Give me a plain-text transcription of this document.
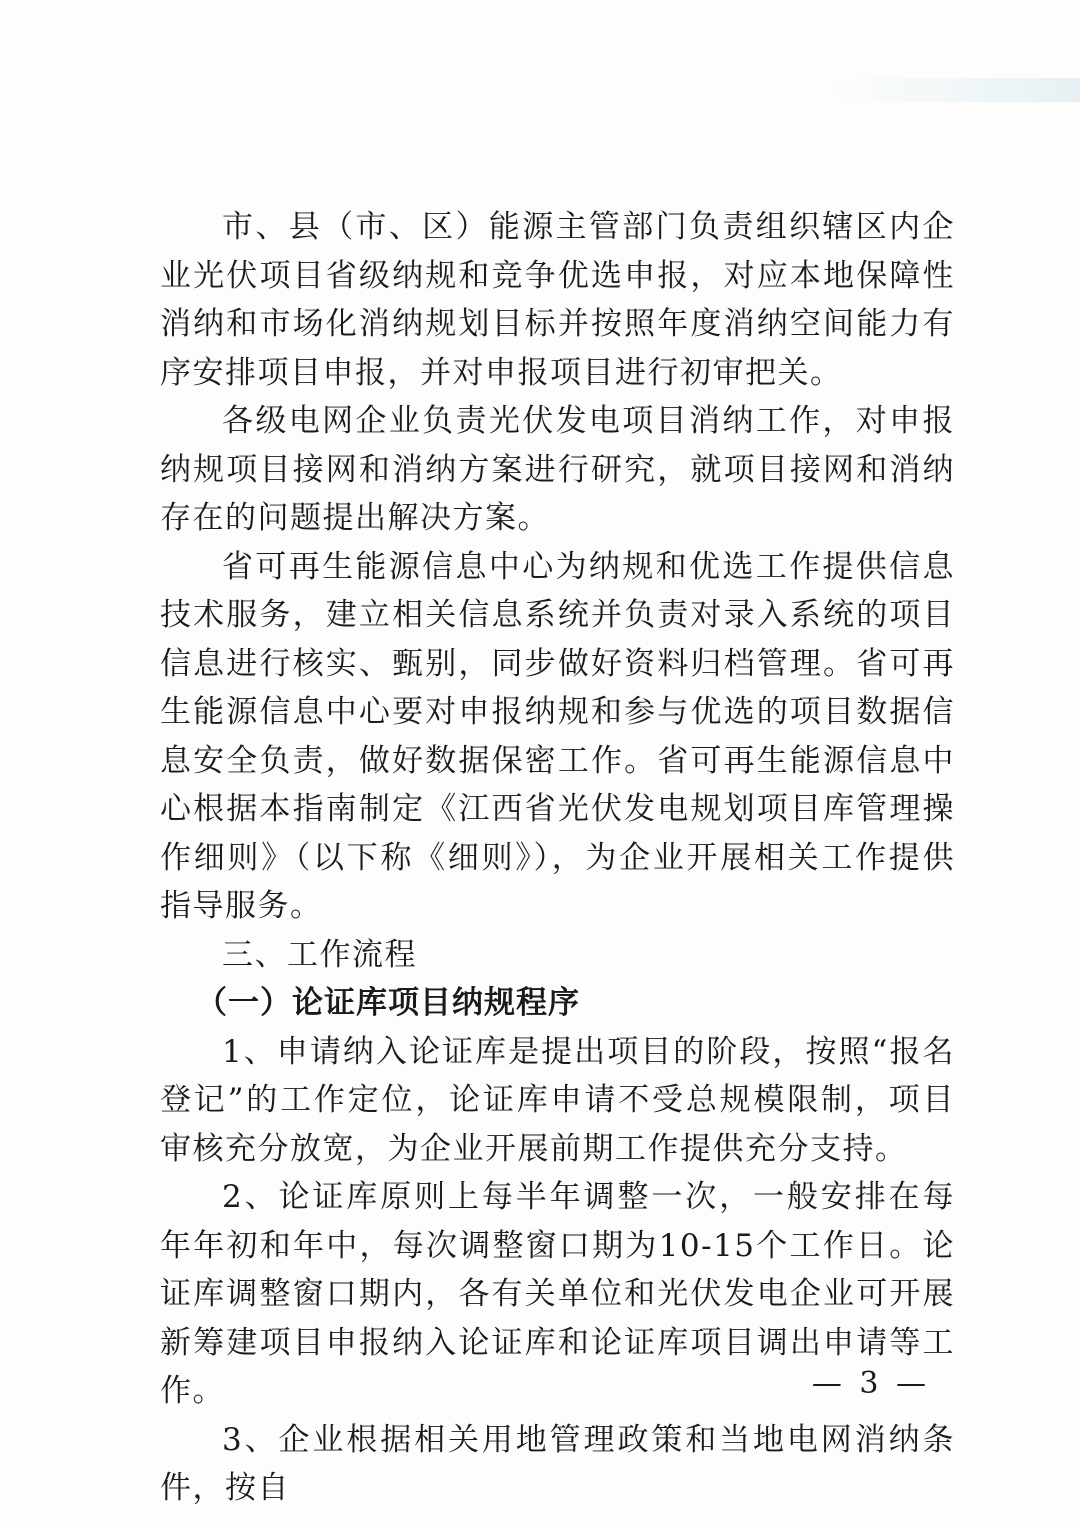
市、县（市、区）能源主管部门负责组织辖区内企业光伏项目省级纳规和竞争优选申报，对应本地保障性消纳和市场化消纳规划目标并按照年度消纳空间能力有序安排项目申报，并对申报项目进行初审把关。

各级电网企业负责光伏发电项目消纳工作，对申报纳规项目接网和消纳方案进行研究，就项目接网和消纳存在的问题提出解决方案。

省可再生能源信息中心为纳规和优选工作提供信息技术服务，建立相关信息系统并负责对录入系统的项目信息进行核实、甄别，同步做好资料归档管理。省可再生能源信息中心要对申报纳规和参与优选的项目数据信息安全负责，做好数据保密工作。省可再生能源信息中心根据本指南制定《江西省光伏发电规划项目库管理操作细则》（以下称《细则》），为企业开展相关工作提供指导服务。

三、工作流程

（一）论证库项目纳规程序

1、申请纳入论证库是提出项目的阶段，按照“报名登记”的工作定位，论证库申请不受总规模限制，项目审核充分放宽，为企业开展前期工作提供充分支持。

2、论证库原则上每半年调整一次，一般安排在每年年初和年中，每次调整窗口期为10-15个工作日。论证库调整窗口期内，各有关单位和光伏发电企业可开展新筹建项目申报纳入论证库和论证库项目调出申请等工作。

3、企业根据相关用地管理政策和当地电网消纳条件，按自

— 3 —
